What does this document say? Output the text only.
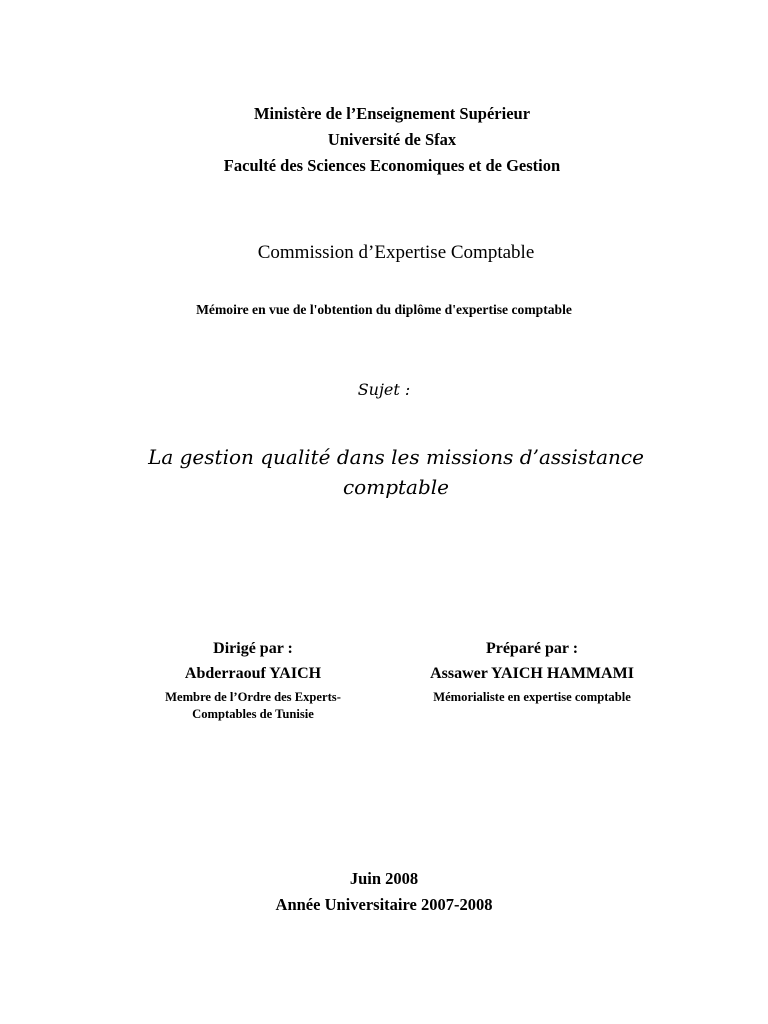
Ministère de l’Enseignement Supérieur
Université de Sfax
Faculté des Sciences Economiques et de Gestion
Commission d’Expertise Comptable
Mémoire en vue de l'obtention du diplôme d'expertise comptable
Sujet :
La gestion qualité dans les missions d’assistance
comptable
Dirigé par :
Abderraouf YAICH
Membre de l’Ordre des Experts-
Comptables de Tunisie
Préparé par :
Assawer YAICH HAMMAMI
Mémorialiste en expertise comptable
Juin 2008
Année Universitaire 2007-2008
